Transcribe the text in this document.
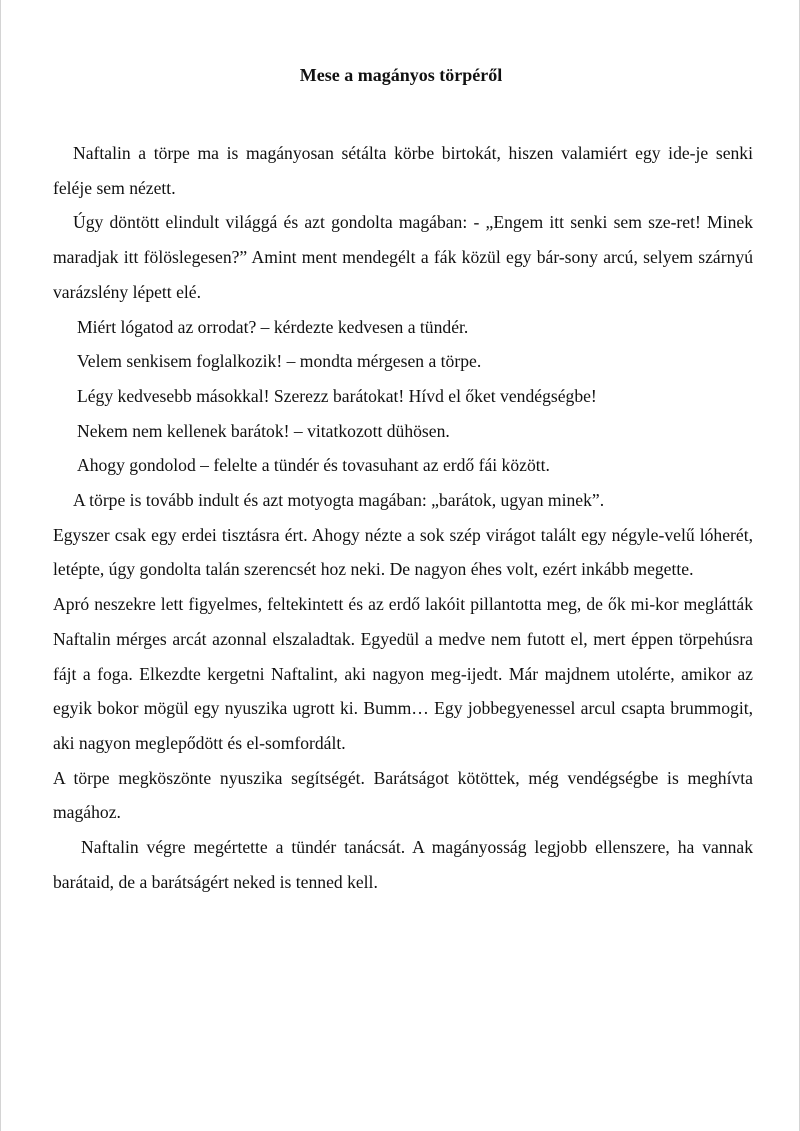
Mese a magányos törpéről

Naftalin a törpe ma is magányosan sétálta körbe birtokát, hiszen valamiért egy ide-je senki feléje sem nézett.

Úgy döntött elindult világgá és azt gondolta magában: - „Engem itt senki sem sze-ret! Minek maradjak itt fölöslegesen?” Amint ment mendegélt a fák közül egy bár-sony arcú, selyem szárnyú varázslény lépett elé.

Miért lógatod az orrodat? – kérdezte kedvesen a tündér.

Velem senkisem foglalkozik! – mondta mérgesen a törpe.

Légy kedvesebb másokkal! Szerezz barátokat! Hívd el őket vendégségbe!

Nekem nem kellenek barátok! – vitatkozott dühösen.

Ahogy gondolod – felelte a tündér és tovasuhant az erdő fái között.

A törpe is tovább indult és azt motyogta magában: „barátok, ugyan minek”.

Egyszer csak egy erdei tisztásra ért. Ahogy nézte a sok szép virágot talált egy négyle-velű lóherét, letépte, úgy gondolta talán szerencsét hoz neki. De nagyon éhes volt, ezért inkább megette.

Apró neszekre lett figyelmes, feltekintett és az erdő lakóit pillantotta meg, de ők mi-kor meglátták Naftalin mérges arcát azonnal elszaladtak. Egyedül a medve nem futott el, mert éppen törpehúsra fájt a foga. Elkezdte kergetni Naftalint, aki nagyon meg-ijedt. Már majdnem utolérte, amikor az egyik bokor mögül egy nyuszika ugrott ki. Bumm… Egy jobbegyenessel arcul csapta brummogit, aki nagyon meglepődött és el-somfordált.

A törpe megköszönte nyuszika segítségét. Barátságot kötöttek, még vendégségbe is meghívta magához.

Naftalin végre megértette a tündér tanácsát. A magányosság legjobb ellenszere, ha vannak barátaid, de a barátságért neked is tenned kell.
